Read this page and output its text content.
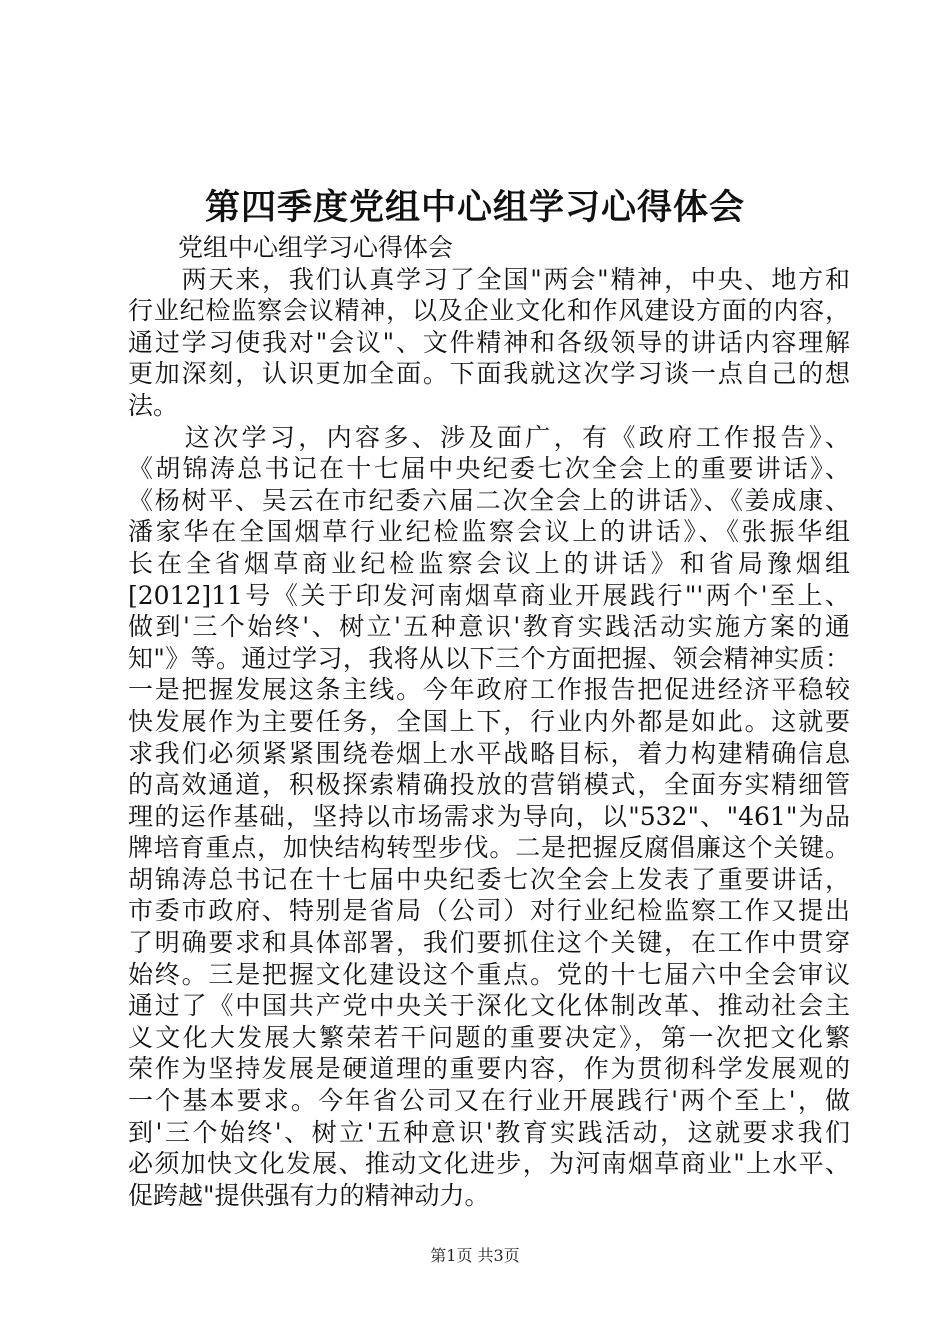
第四季度党组中心组学习心得体会
　　党组中心组学习心得体会
　　两天来，我们认真学习了全国"两会"精神，中央、地方和
行业纪检监察会议精神，以及企业文化和作风建设方面的内容，
通过学习使我对"会议"、文件精神和各级领导的讲话内容理解
更加深刻，认识更加全面。下面我就这次学习谈一点自己的想
法。
　　这次学习，内容多、涉及面广，有《政府工作报告》、
《胡锦涛总书记在十七届中央纪委七次全会上的重要讲话》、
《杨树平、吴云在市纪委六届二次全会上的讲话》、《姜成康、
潘家华在全国烟草行业纪检监察会议上的讲话》、《张振华组
长在全省烟草商业纪检监察会议上的讲话》和省局豫烟组
[2012]11号《关于印发河南烟草商业开展践行"'两个'至上、
做到'三个始终'、树立'五种意识'教育实践活动实施方案的通
知"》等。通过学习，我将从以下三个方面把握、领会精神实质：
一是把握发展这条主线。今年政府工作报告把促进经济平稳较
快发展作为主要任务，全国上下，行业内外都是如此。这就要
求我们必须紧紧围绕卷烟上水平战略目标，着力构建精确信息
的高效通道，积极探索精确投放的营销模式，全面夯实精细管
理的运作基础，坚持以市场需求为导向，以"532"、"461"为品
牌培育重点，加快结构转型步伐。二是把握反腐倡廉这个关键。
胡锦涛总书记在十七届中央纪委七次全会上发表了重要讲话，
市委市政府、特别是省局（公司）对行业纪检监察工作又提出
了明确要求和具体部署，我们要抓住这个关键，在工作中贯穿
始终。三是把握文化建设这个重点。党的十七届六中全会审议
通过了《中国共产党中央关于深化文化体制改革、推动社会主
义文化大发展大繁荣若干问题的重要决定》，第一次把文化繁
荣作为坚持发展是硬道理的重要内容，作为贯彻科学发展观的
一个基本要求。今年省公司又在行业开展践行'两个至上'，做
到'三个始终'、树立'五种意识'教育实践活动，这就要求我们
必须加快文化发展、推动文化进步，为河南烟草商业"上水平、
促跨越"提供强有力的精神动力。
第1页 共3页
